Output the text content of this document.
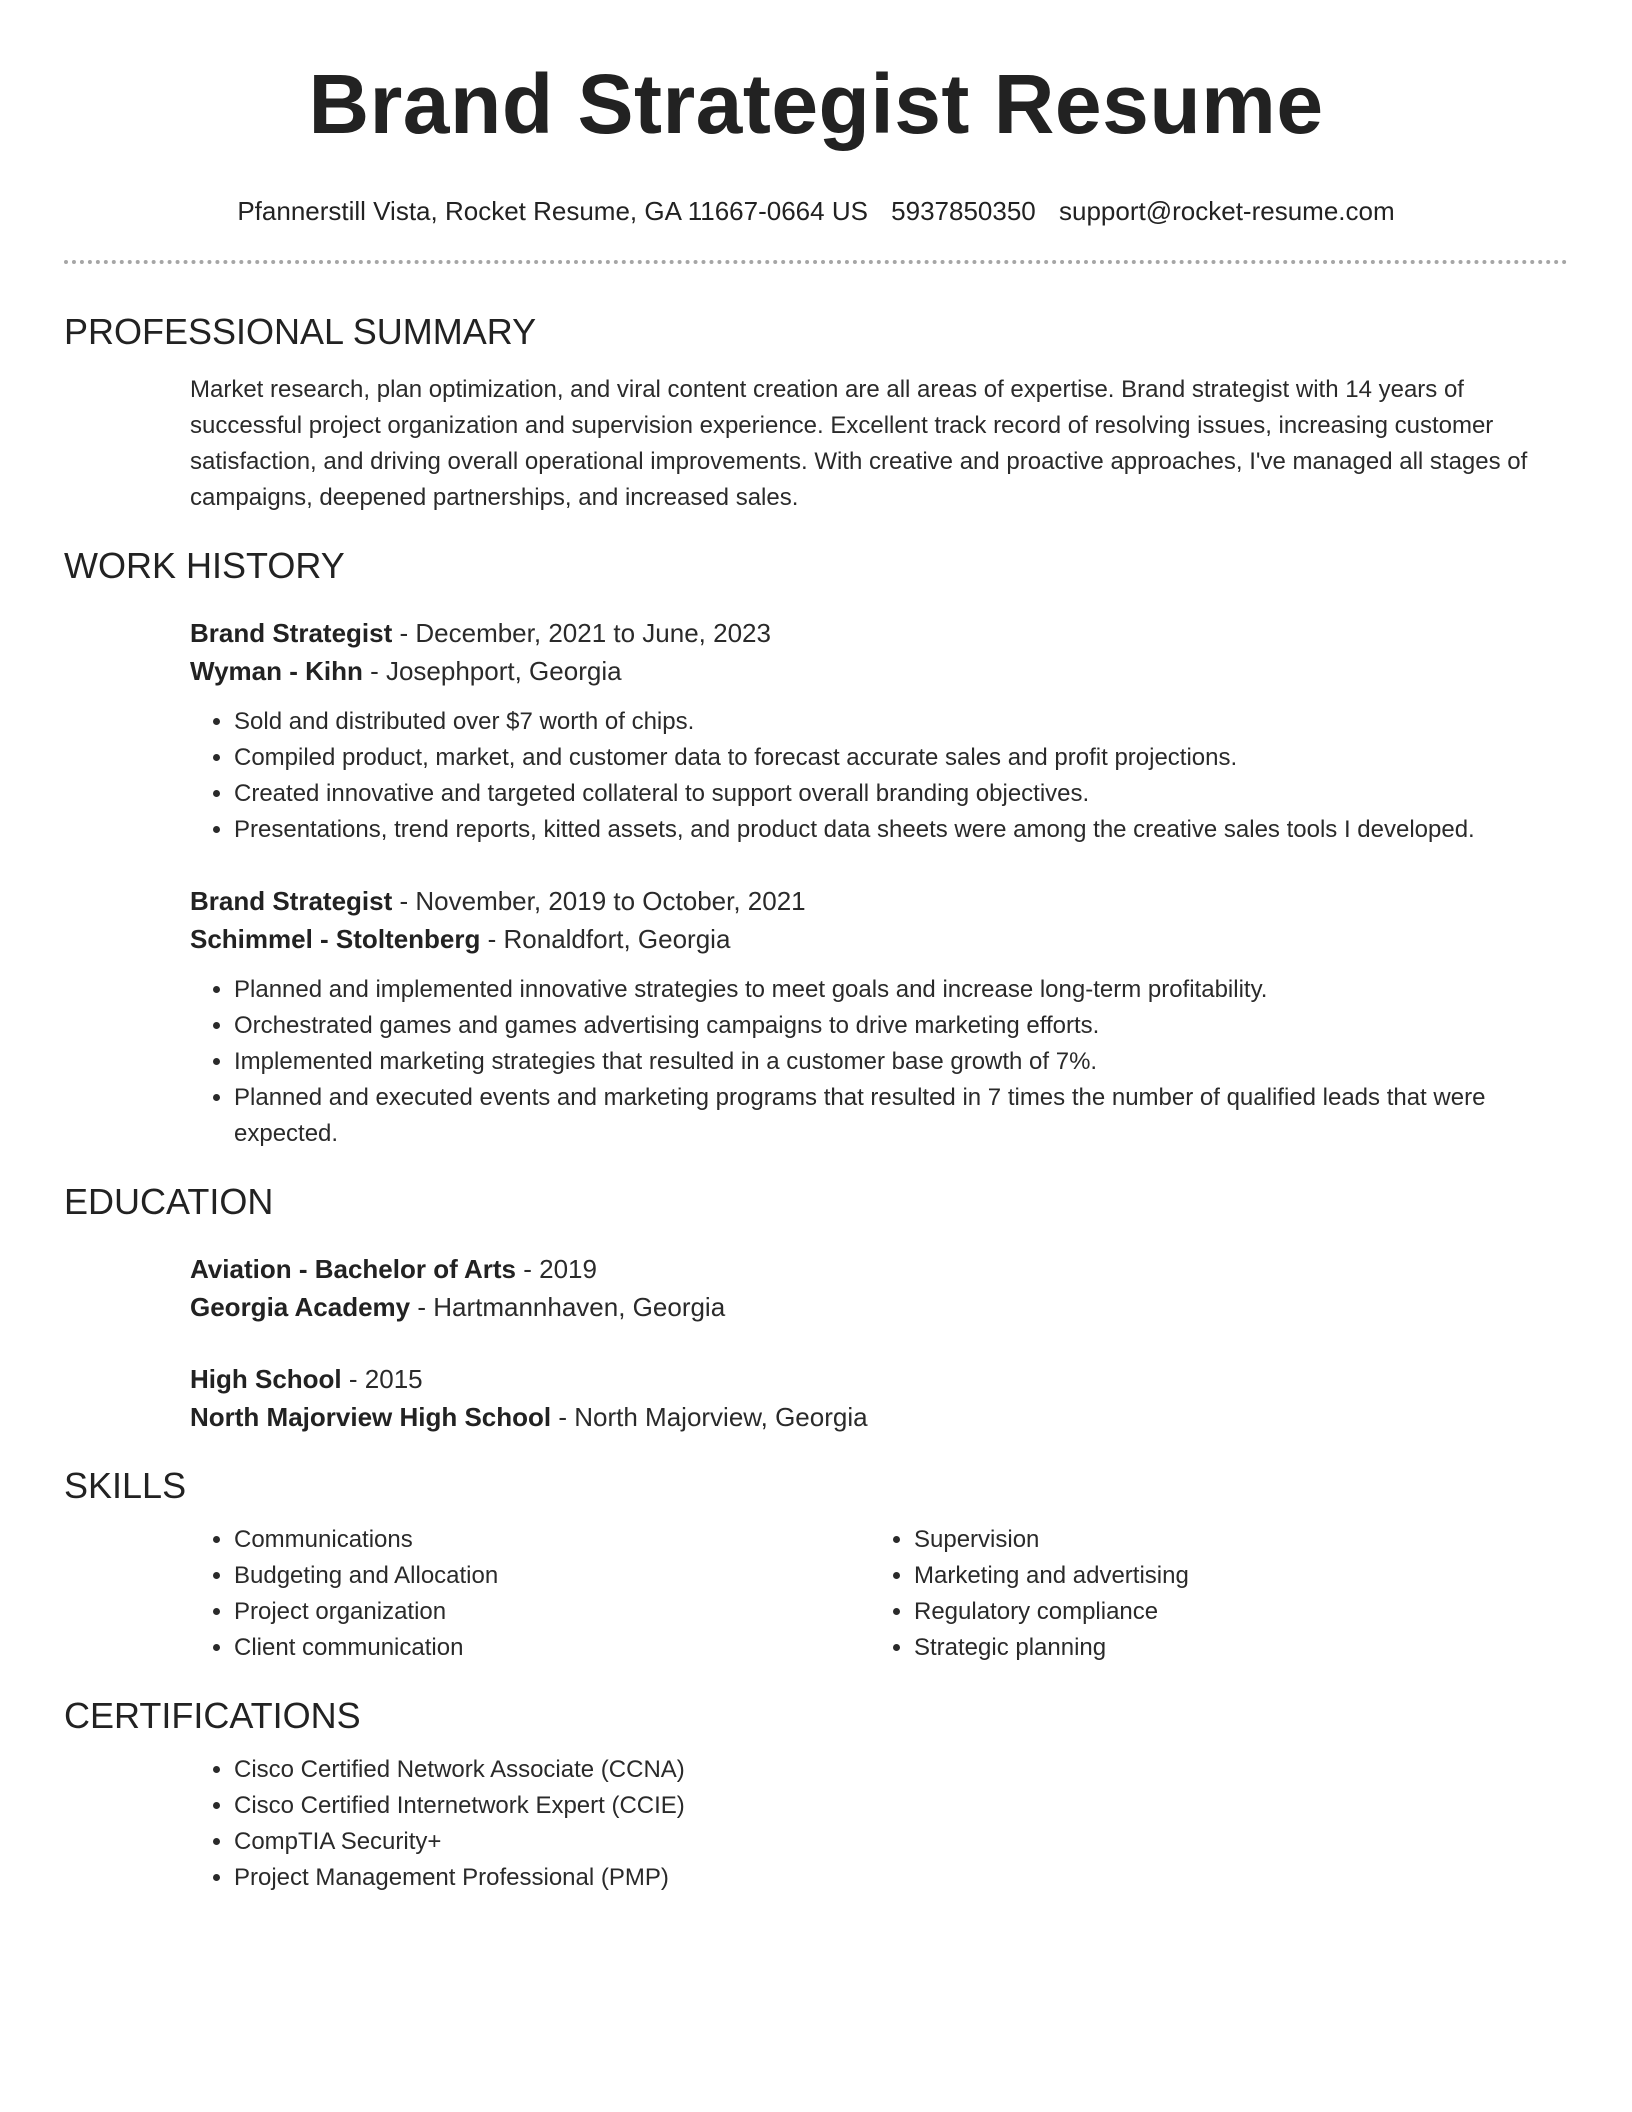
Brand Strategist Resume
Pfannerstill Vista, Rocket Resume, GA 11667-0664 US 5937850350 support@rocket-resume.com
PROFESSIONAL SUMMARY
Market research, plan optimization, and viral content creation are all areas of expertise. Brand strategist with 14 years of successful project organization and supervision experience. Excellent track record of resolving issues, increasing customer satisfaction, and driving overall operational improvements. With creative and proactive approaches, I've managed all stages of campaigns, deepened partnerships, and increased sales.
WORK HISTORY
Brand Strategist - December, 2021 to June, 2023
Wyman - Kihn - Josephport, Georgia
• Sold and distributed over $7 worth of chips.
• Compiled product, market, and customer data to forecast accurate sales and profit projections.
• Created innovative and targeted collateral to support overall branding objectives.
• Presentations, trend reports, kitted assets, and product data sheets were among the creative sales tools I developed.
Brand Strategist - November, 2019 to October, 2021
Schimmel - Stoltenberg - Ronaldfort, Georgia
• Planned and implemented innovative strategies to meet goals and increase long-term profitability.
• Orchestrated games and games advertising campaigns to drive marketing efforts.
• Implemented marketing strategies that resulted in a customer base growth of 7%.
• Planned and executed events and marketing programs that resulted in 7 times the number of qualified leads that were expected.
EDUCATION
Aviation - Bachelor of Arts - 2019
Georgia Academy - Hartmannhaven, Georgia
High School - 2015
North Majorview High School - North Majorview, Georgia
SKILLS
• Communications
• Budgeting and Allocation
• Project organization
• Client communication
• Supervision
• Marketing and advertising
• Regulatory compliance
• Strategic planning
CERTIFICATIONS
• Cisco Certified Network Associate (CCNA)
• Cisco Certified Internetwork Expert (CCIE)
• CompTIA Security+
• Project Management Professional (PMP)
